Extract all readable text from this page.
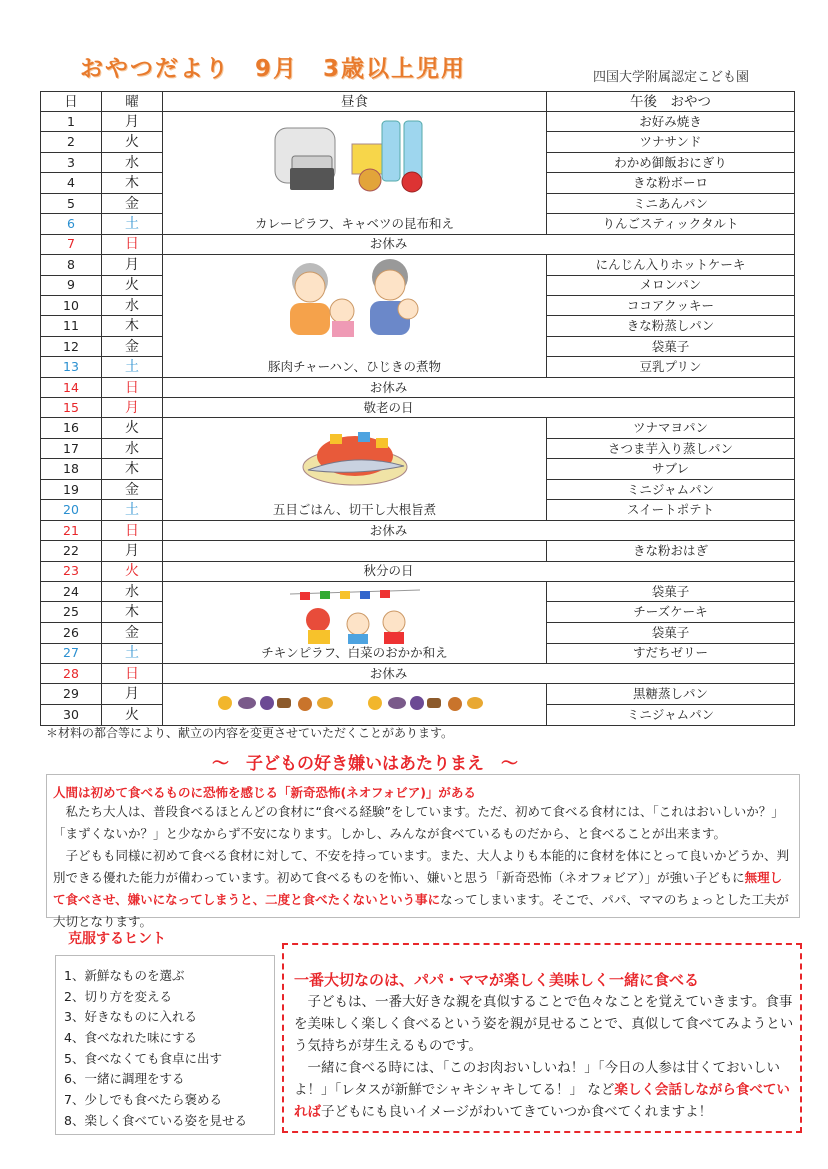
おやつだより　9月　3歳以上児用	四国大学附属認定こども園
日	曜	昼食	午後　おやつ
1	月	カレーピラフ、キャベツの昆布和え	お好み焼き
2	火		ツナサンド
3	水		わかめ御飯おにぎり
4	木		きな粉ボーロ
5	金		ミニあんパン
6	土		りんごスティックタルト
7	日	お休み	
8	月	豚肉チャーハン、ひじきの煮物	にんじん入りホットケーキ
9	火		メロンパン
10	水		ココアクッキー
11	木		きな粉蒸しパン
12	金		袋菓子
13	土		豆乳プリン
14	日	お休み	
15	月	敬老の日	
16	火	五目ごはん、切干し大根旨煮	ツナマヨパン
17	水		さつま芋入り蒸しパン
18	木		サブレ
19	金		ミニジャムパン
20	土		スイートポテト
21	日	お休み	
22	月		きな粉おはぎ
23	火	秋分の日	
24	水	チキンピラフ、白菜のおかか和え	袋菓子
25	木		チーズケーキ
26	金		袋菓子
27	土		すだちゼリー
28	日	お休み	
29	月		黒糖蒸しパン
30	火		ミニジャムパン
＊材料の都合等により、献立の内容を変更させていただくことがあります。
～　子どもの好き嫌いはあたりまえ　～
人間は初めて食べるものに恐怖を感じる「新奇恐怖(ネオフォビア)」がある
　私たち大人は、普段食べるほとんどの食材に“食べる経験”をしています。ただ、初めて食べる食材には、「これはおいしいか？」「まずくないか？」と少なからず不安になります。しかし、みんなが食べているものだから、と食べることが出来ます。
　子どもも同様に初めて食べる食材に対して、不安を持っています。また、大人よりも本能的に食材を体にとって良いかどうか、判別できる優れた能力が備わっています。初めて食べるものを怖い、嫌いと思う「新奇恐怖（ネオフォビア）」が強い子どもに無理して食べさせ、嫌いになってしまうと、二度と食べたくないという事になってしまいます。そこで、パパ、ママのちょっとした工夫が大切となります。
克服するヒント
1、新鮮なものを選ぶ
2、切り方を変える
3、好きなものに入れる
4、食べなれた味にする
5、食べなくても食卓に出す
6、一緒に調理をする
7、少しでも食べたら褒める
8、楽しく食べている姿を見せる
一番大切なのは、パパ・ママが楽しく美味しく一緒に食べる
　子どもは、一番大好きな親を真似することで色々なことを覚えていきます。食事を美味しく楽しく食べるという姿を親が見せることで、真似して食べてみようという気持ちが芽生えるものです。
　一緒に食べる時には、「このお肉おいしいね！」「今日の人参は甘くておいしいよ！」「レタスが新鮮でシャキシャキしてる！」 など楽しく会話しながら食べていれば子どもにも良いイメージがわいてきていつか食べてくれますよ！
